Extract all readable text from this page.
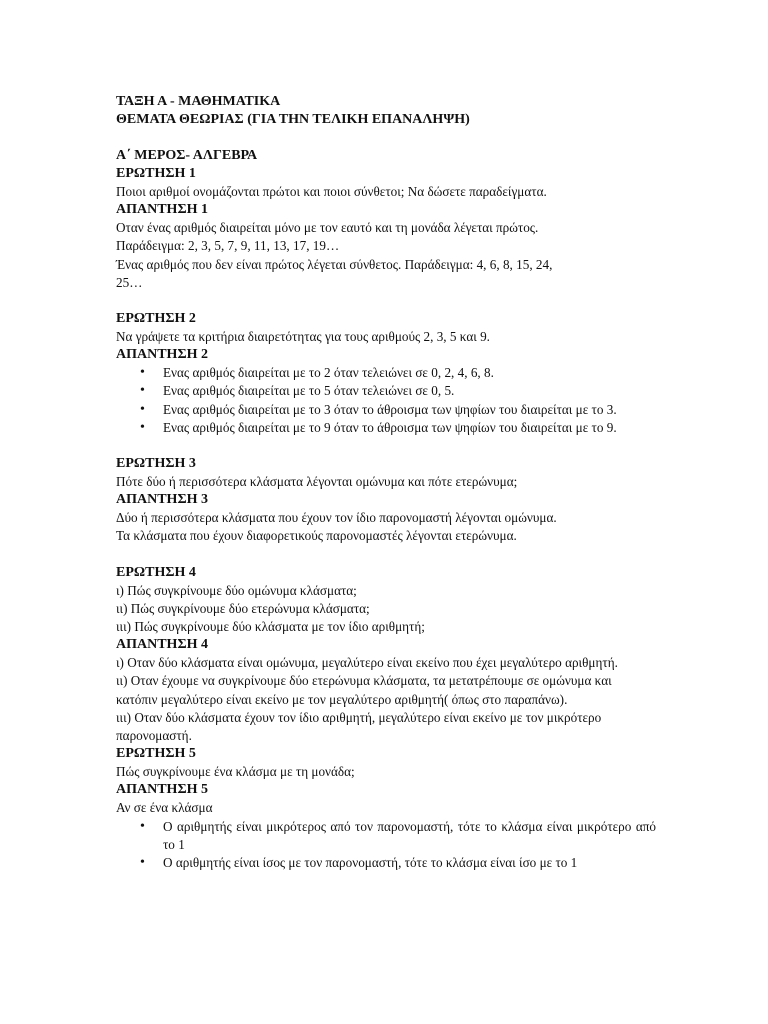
ΤΑΞΗ Α - ΜΑΘΗΜΑΤΙΚΑ

ΘΕΜΑΤΑ ΘΕΩΡΙΑΣ (ΓΙΑ ΤΗΝ ΤΕΛΙΚΗ ΕΠΑΝΑΛΗΨΗ)

Α΄ ΜΕΡΟΣ- ΑΛΓΕΒΡΑ

ΕΡΩΤΗΣΗ 1

Ποιοι αριθμοί ονομάζονται πρώτοι και ποιοι σύνθετοι; Να δώσετε παραδείγματα.

ΑΠΑΝΤΗΣΗ 1

Οταν ένας αριθμός διαιρείται μόνο με τον εαυτό και τη μονάδα λέγεται πρώτος.

Παράδειγμα: 2, 3, 5, 7, 9, 11, 13, 17, 19…

Ένας αριθμός που δεν είναι πρώτος λέγεται σύνθετος. Παράδειγμα: 4, 6, 8, 15, 24,

25…

ΕΡΩΤΗΣΗ 2

Να γράψετε τα κριτήρια διαιρετότητας για τους αριθμούς 2, 3, 5 και 9.

ΑΠΑΝΤΗΣΗ 2

• Ενας αριθμός διαιρείται με το 2 όταν τελειώνει σε 0, 2, 4, 6, 8.
• Ενας αριθμός διαιρείται με το 5 όταν τελειώνει σε 0, 5.
• Ενας αριθμός διαιρείται με το 3 όταν το άθροισμα των ψηφίων του διαιρείται με το 3.
• Ενας αριθμός διαιρείται με το 9 όταν το άθροισμα των ψηφίων του διαιρείται με το 9.

ΕΡΩΤΗΣΗ 3

Πότε δύο ή περισσότερα κλάσματα λέγονται ομώνυμα και πότε ετερώνυμα;

ΑΠΑΝΤΗΣΗ 3

Δύο ή περισσότερα κλάσματα που έχουν τον ίδιο παρονομαστή λέγονται ομώνυμα.

Τα κλάσματα που έχουν διαφορετικούς παρονομαστές λέγονται ετερώνυμα.

ΕΡΩΤΗΣΗ 4

ι) Πώς συγκρίνουμε δύο ομώνυμα κλάσματα;

ιι) Πώς συγκρίνουμε δύο ετερώνυμα κλάσματα;

ιιι) Πώς συγκρίνουμε δύο κλάσματα με τον ίδιο αριθμητή;

ΑΠΑΝΤΗΣΗ 4

ι) Οταν δύο κλάσματα είναι ομώνυμα, μεγαλύτερο είναι εκείνο που έχει μεγαλύτερο αριθμητή.

ιι) Οταν έχουμε να συγκρίνουμε δύο ετερώνυμα κλάσματα, τα μετατρέπουμε σε ομώνυμα και κατόπιν μεγαλύτερο είναι εκείνο με τον μεγαλύτερο αριθμητή( όπως στο παραπάνω).

ιιι) Οταν δύο κλάσματα έχουν τον ίδιο αριθμητή, μεγαλύτερο είναι εκείνο με τον μικρότερο παρονομαστή.

ΕΡΩΤΗΣΗ 5

Πώς συγκρίνουμε ένα κλάσμα με τη μονάδα;

ΑΠΑΝΤΗΣΗ 5

Αν σε ένα κλάσμα

• Ο αριθμητής είναι μικρότερος από τον παρονομαστή, τότε το κλάσμα είναι μικρότερο από το 1
• Ο αριθμητής είναι ίσος με τον παρονομαστή, τότε το κλάσμα είναι ίσο με το 1
